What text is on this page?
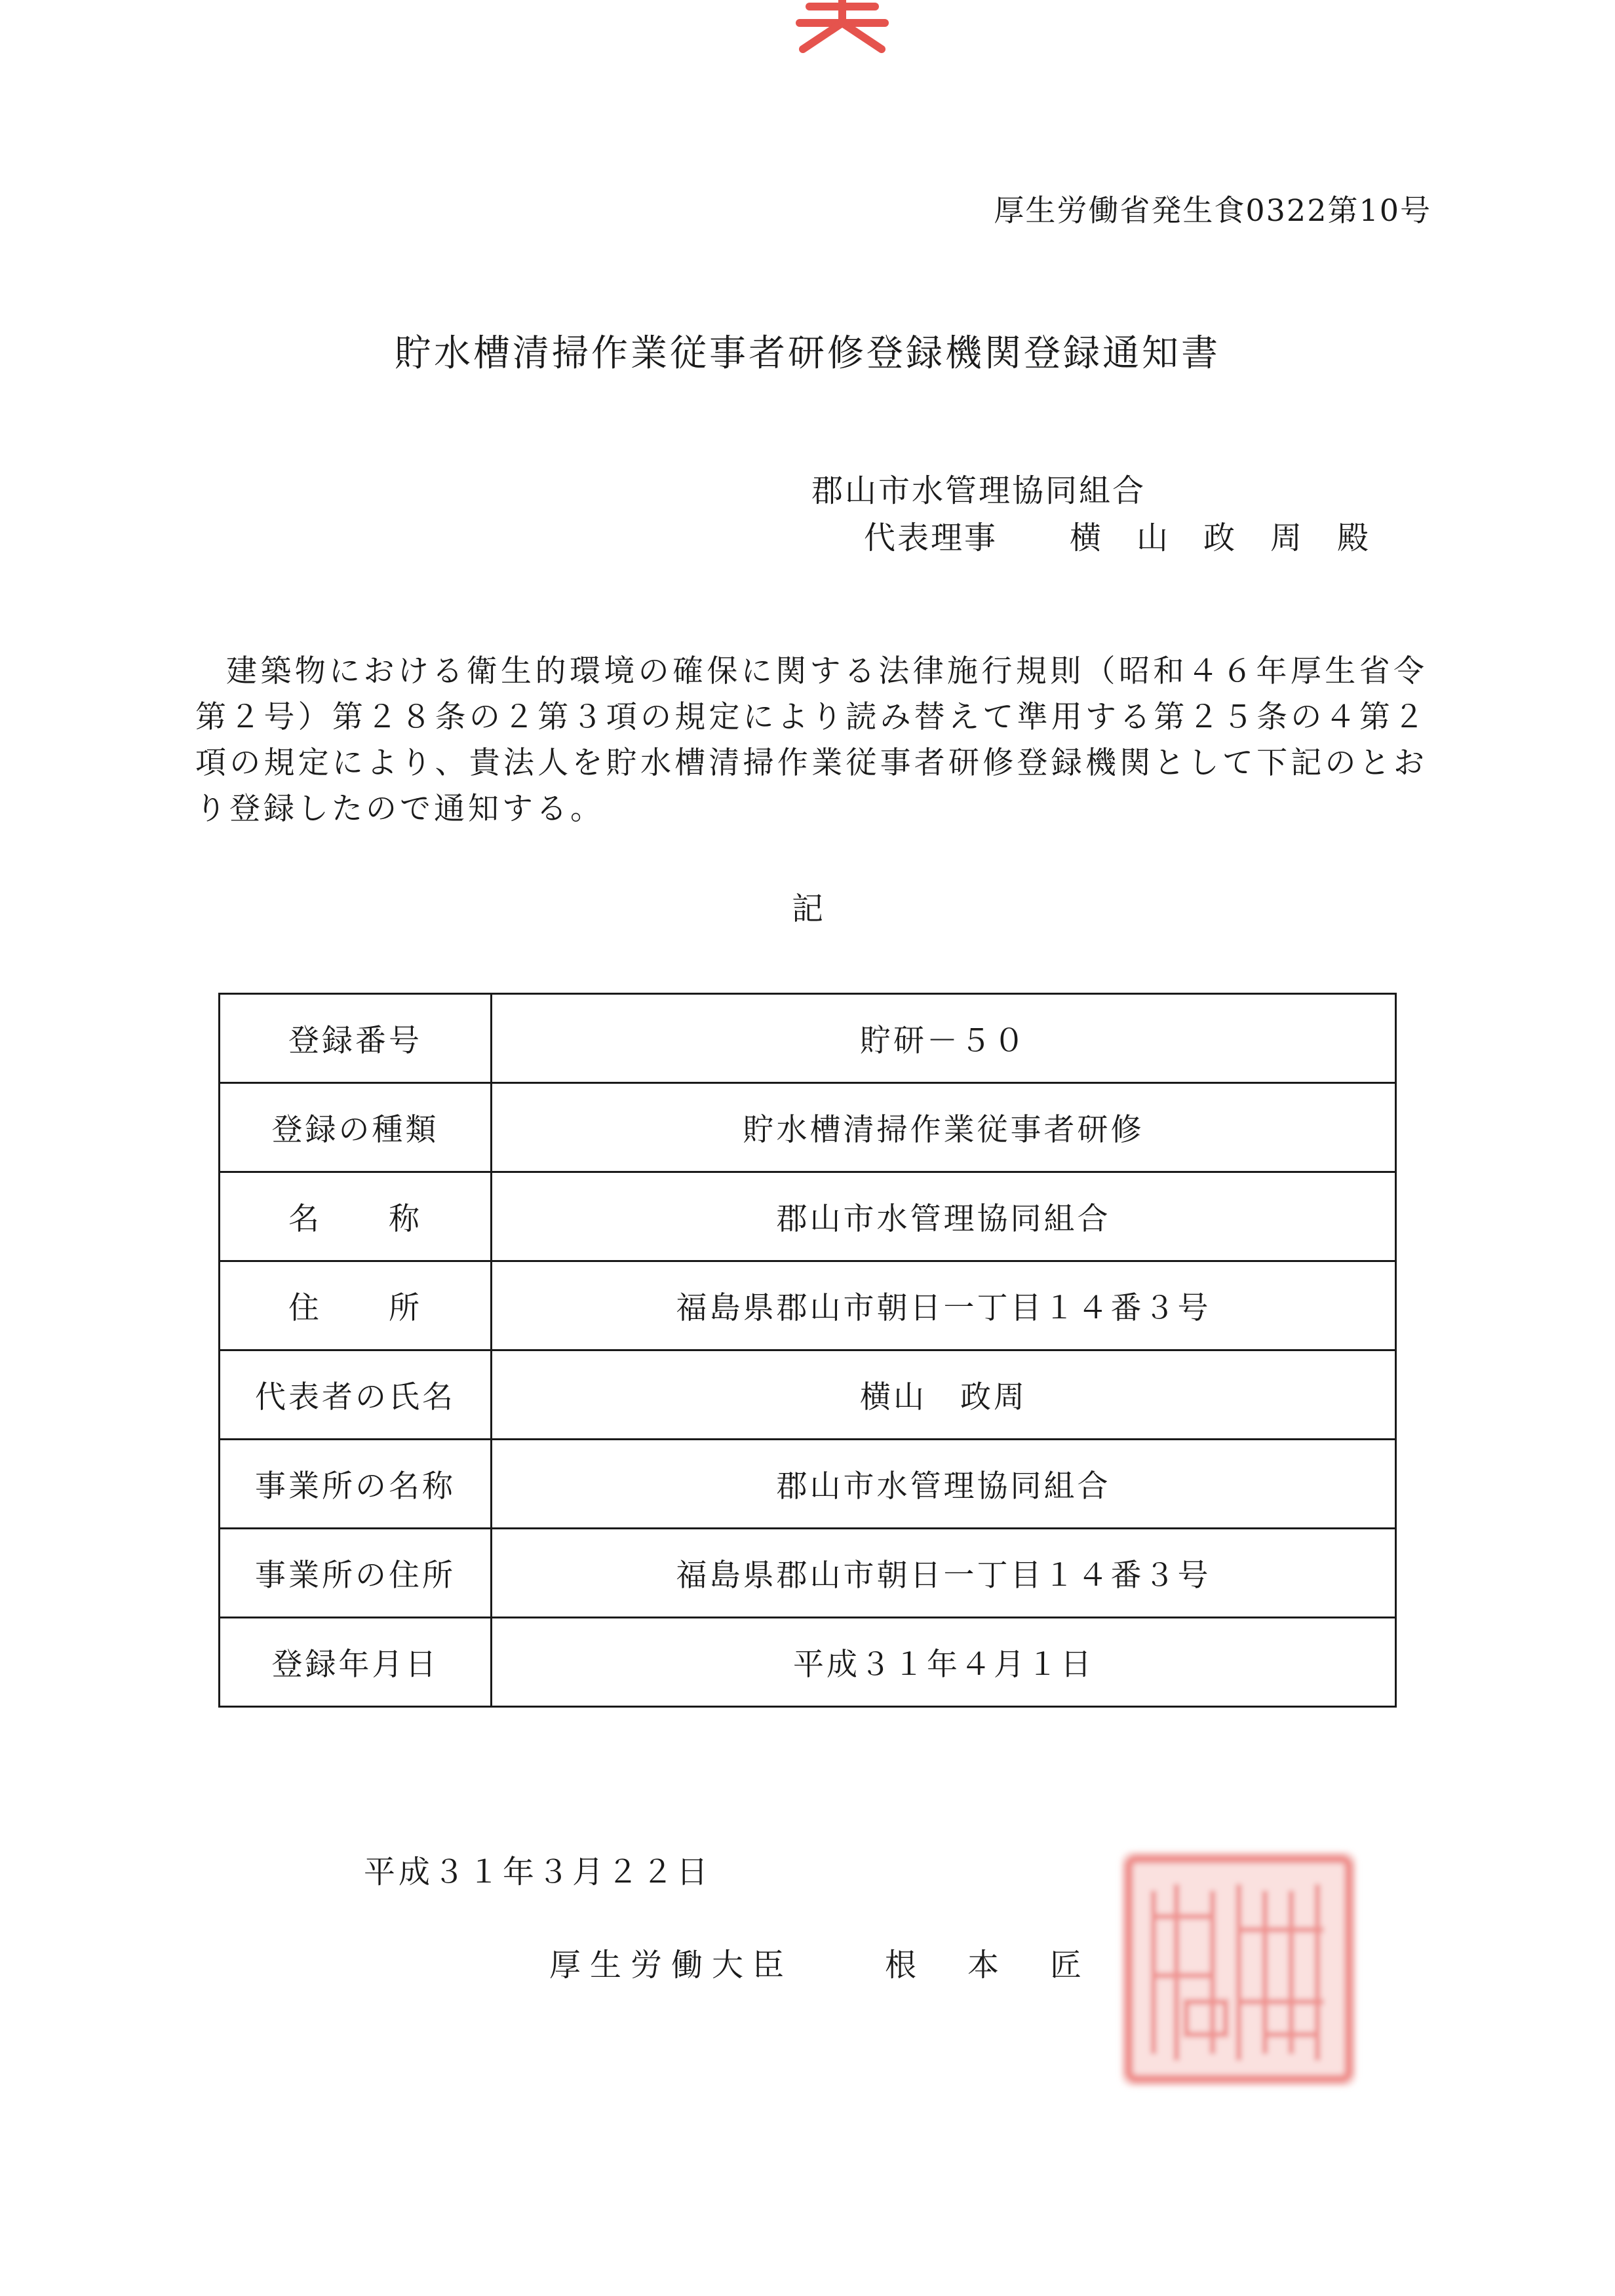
厚生労働省発生食0322第10号
貯水槽清掃作業従事者研修登録機関登録通知書
郡山市水管理協同組合
代表理事 横山政周殿
建築物における衛生的環境の確保に関する法律施行規則（昭和４６年厚生省令第２号）第２８条の２第３項の規定により読み替えて準用する第２５条の４第２項の規定により、貴法人を貯水槽清掃作業従事者研修登録機関として下記のとおり登録したので通知する。
記
登録番号	貯研－５０
登録の種類	貯水槽清掃作業従事者研修
名　　称	郡山市水管理協同組合
住　　所	福島県郡山市朝日一丁目１４番３号
代表者の氏名	横山　政周
事業所の名称	郡山市水管理協同組合
事業所の住所	福島県郡山市朝日一丁目１４番３号
登録年月日	平成３１年４月１日
平成３１年３月２２日
厚生労働大臣	根本匠
